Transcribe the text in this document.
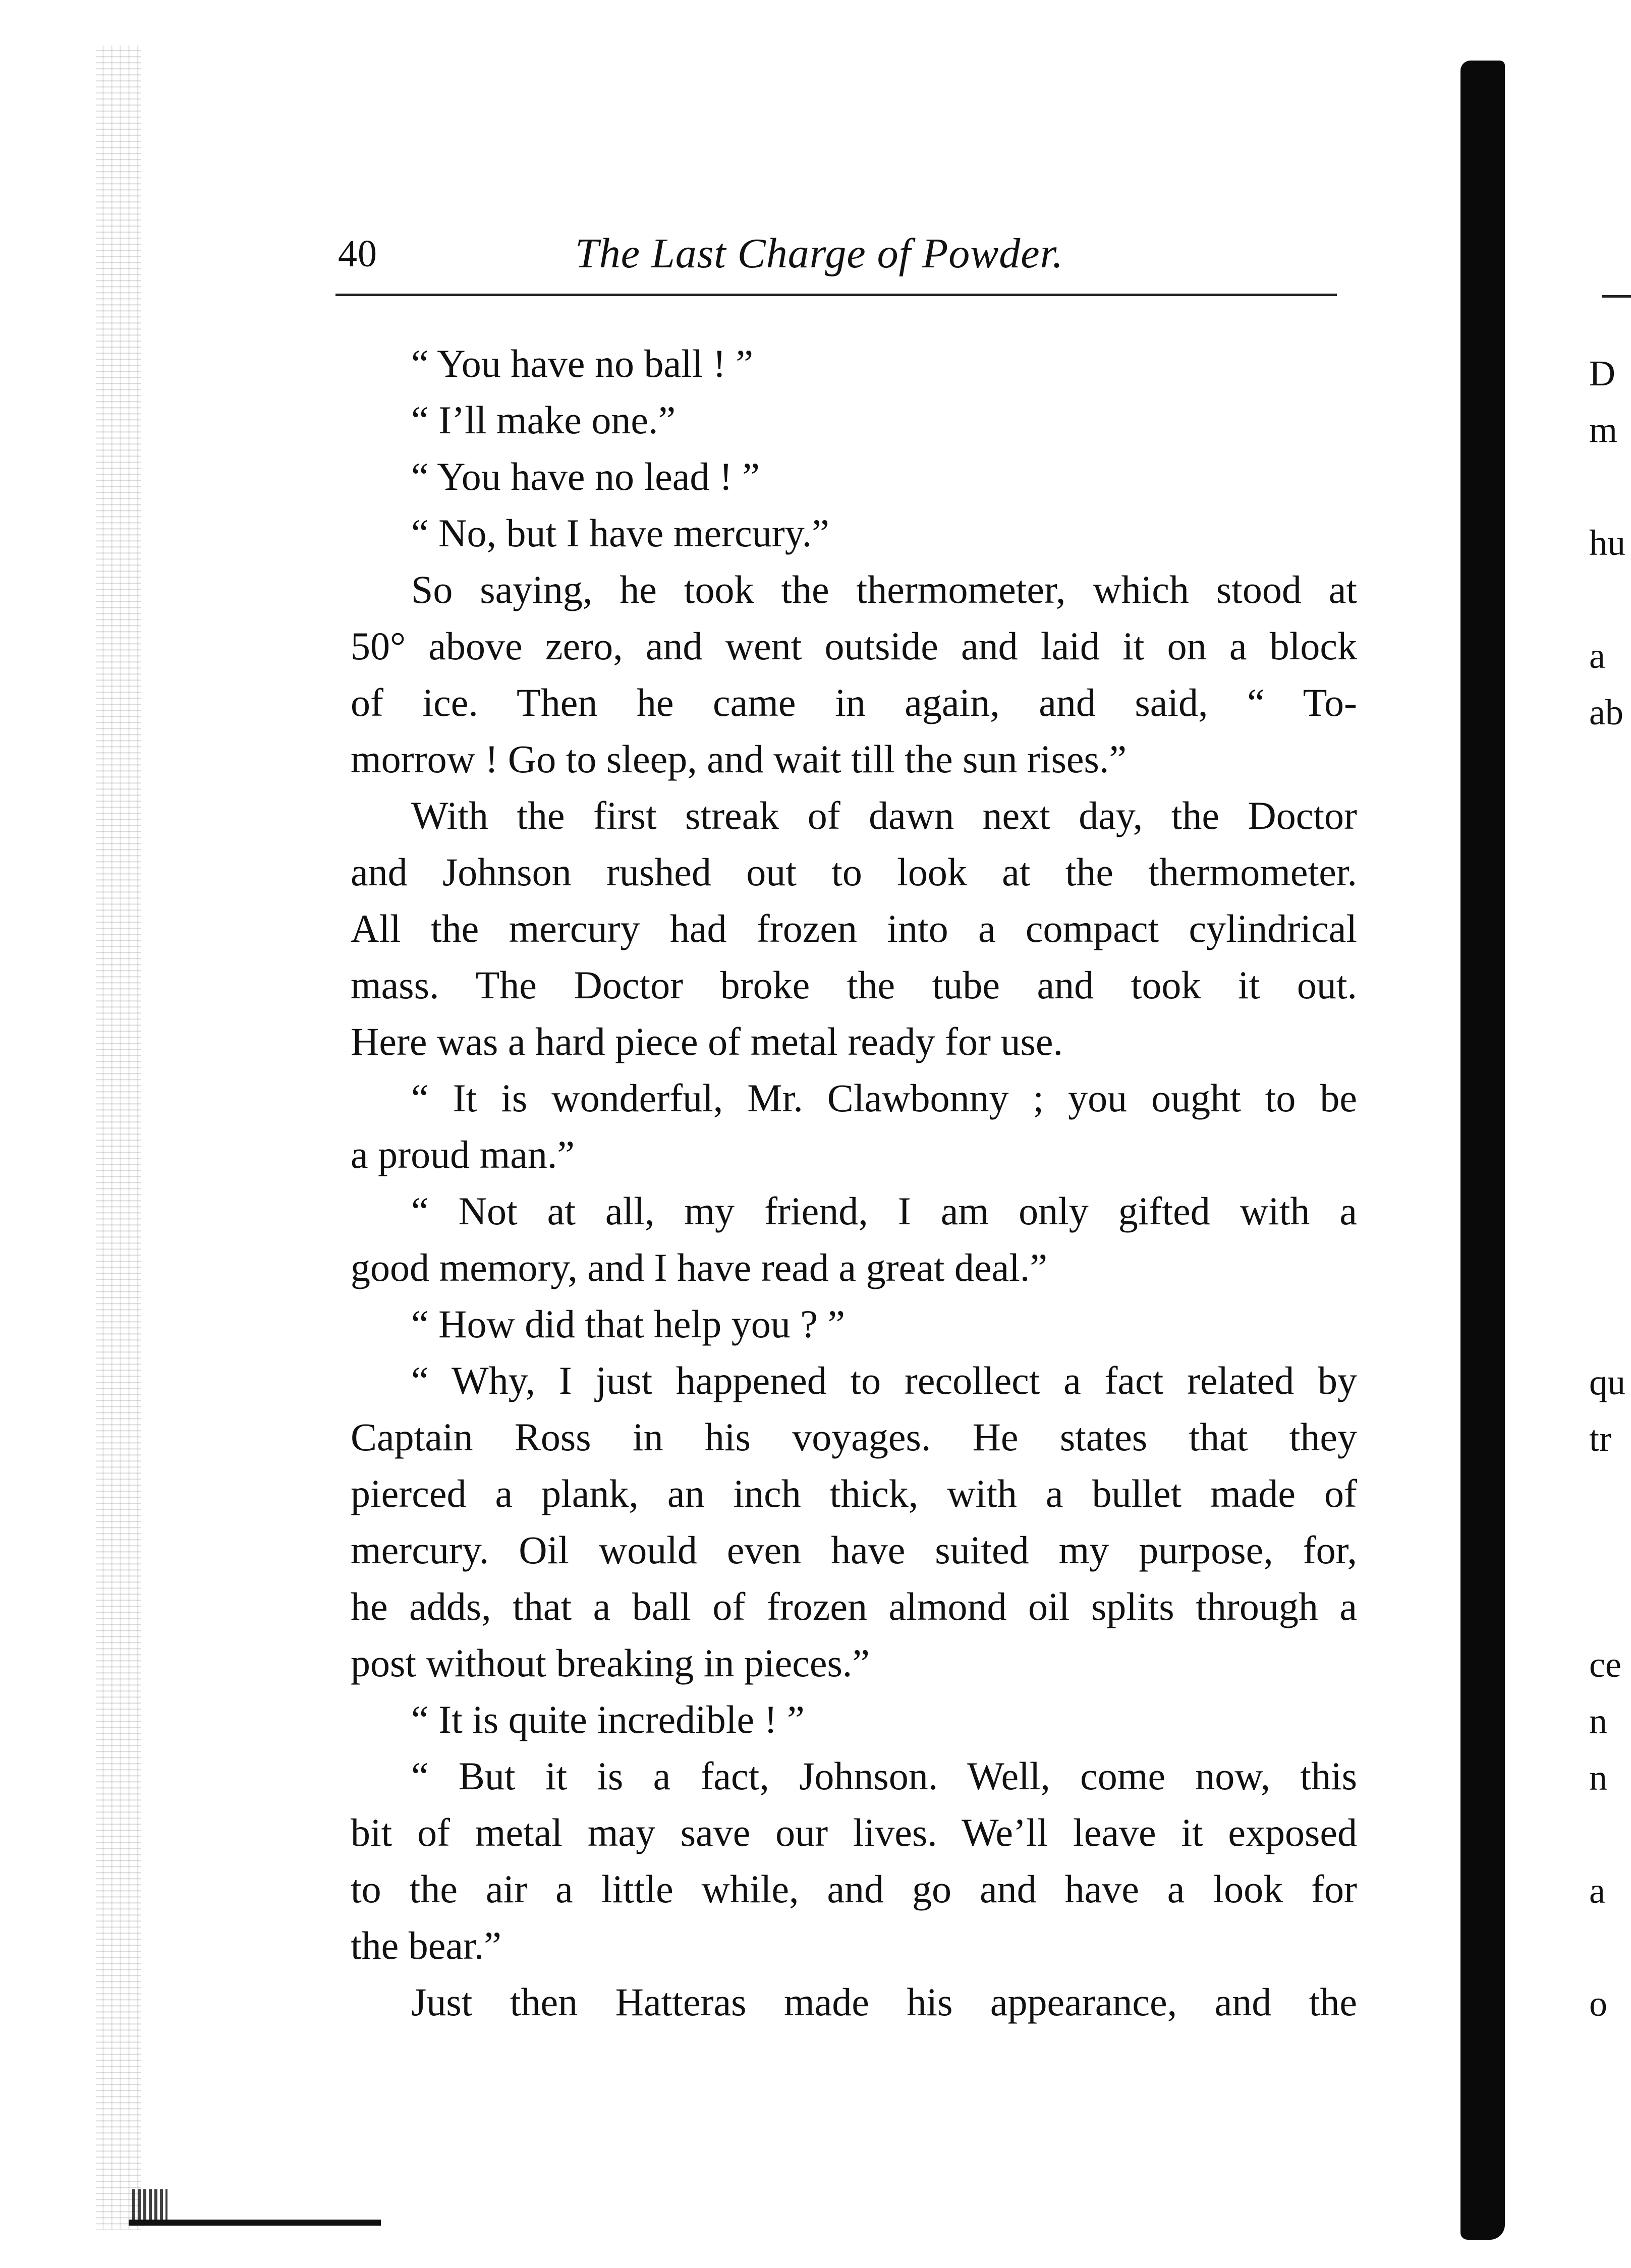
40	The Last Charge of Powder.
“ You have no ball ! ”
“ I’ll make one.”
“ You have no lead ! ”
“ No, but I have mercury.”
So saying, he took the thermometer, which stood at
50° above zero, and went outside and laid it on a block
of ice. Then he came in again, and said, “ To-
morrow ! Go to sleep, and wait till the sun rises.”
With the first streak of dawn next day, the Doctor
and Johnson rushed out to look at the thermometer.
All the mercury had frozen into a compact cylindrical
mass. The Doctor broke the tube and took it out.
Here was a hard piece of metal ready for use.
“ It is wonderful, Mr. Clawbonny ; you ought to be
a proud man.”
“ Not at all, my friend, I am only gifted with a
good memory, and I have read a great deal.”
“ How did that help you ? ”
“ Why, I just happened to recollect a fact related by
Captain Ross in his voyages. He states that they
pierced a plank, an inch thick, with a bullet made of
mercury. Oil would even have suited my purpose, for,
he adds, that a ball of frozen almond oil splits through a
post without breaking in pieces.”
“ It is quite incredible ! ”
“ But it is a fact, Johnson. Well, come now, this
bit of metal may save our lives. We’ll leave it exposed
to the air a little while, and go and have a look for
the bear.”
Just then Hatteras made his appearance, and the
D
m
hu
a
ab
qu
tr
ce
n
n
a
o
